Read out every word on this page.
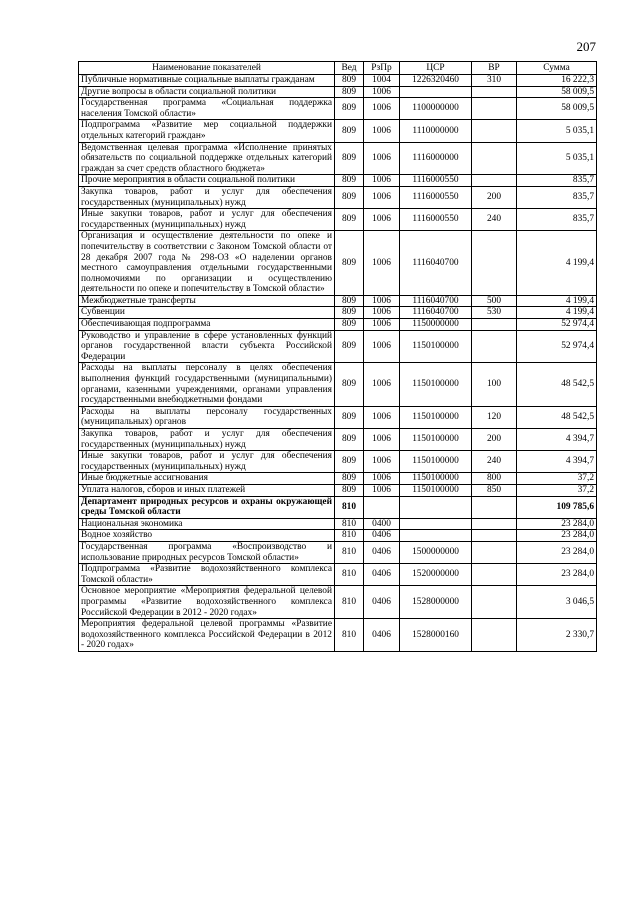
207
Наименование показателей	Вед	РзПр	ЦСР	ВР	Сумма
Публичные нормативные социальные выплаты гражданам	809	1004	1226320460	310	16 222,3
Другие вопросы в области социальной политики	809	1006			58 009,5
Государственная программа «Социальная поддержка населения Томской области»	809	1006	1100000000		58 009,5
Подпрограмма «Развитие мер социальной поддержки отдельных категорий граждан»	809	1006	1110000000		5 035,1
Ведомственная целевая программа «Исполнение принятых обязательств по социальной поддержке отдельных категорий граждан за счет средств областного бюджета»	809	1006	1116000000		5 035,1
Прочие мероприятия в области социальной политики	809	1006	1116000550		835,7
Закупка товаров, работ и услуг для обеспечения государственных (муниципальных) нужд	809	1006	1116000550	200	835,7
Иные закупки товаров, работ и услуг для обеспечения государственных (муниципальных) нужд	809	1006	1116000550	240	835,7
Организация и осуществление деятельности по опеке и попечительству в соответствии с Законом Томской области от 28 декабря 2007 года № 298-ОЗ «О наделении органов местного самоуправления отдельными государственными полномочиями по организации и осуществлению деятельности по опеке и попечительству в Томской области»	809	1006	1116040700		4 199,4
Межбюджетные трансферты	809	1006	1116040700	500	4 199,4
Субвенции	809	1006	1116040700	530	4 199,4
Обеспечивающая подпрограмма	809	1006	1150000000		52 974,4
Руководство и управление в сфере установленных функций органов государственной власти субъекта Российской Федерации	809	1006	1150100000		52 974,4
Расходы на выплаты персоналу в целях обеспечения выполнения функций государственными (муниципальными) органами, казенными учреждениями, органами управления государственными внебюджетными фондами	809	1006	1150100000	100	48 542,5
Расходы на выплаты персоналу государственных (муниципальных) органов	809	1006	1150100000	120	48 542,5
Закупка товаров, работ и услуг для обеспечения государственных (муниципальных) нужд	809	1006	1150100000	200	4 394,7
Иные закупки товаров, работ и услуг для обеспечения государственных (муниципальных) нужд	809	1006	1150100000	240	4 394,7
Иные бюджетные ассигнования	809	1006	1150100000	800	37,2
Уплата налогов, сборов и иных платежей	809	1006	1150100000	850	37,2
Департамент природных ресурсов и охраны окружающей среды Томской области	810				109 785,6
Национальная экономика	810	0400			23 284,0
Водное хозяйство	810	0406			23 284,0
Государственная программа «Воспроизводство и использование природных ресурсов Томской области»	810	0406	1500000000		23 284,0
Подпрограмма «Развитие водохозяйственного комплекса Томской области»	810	0406	1520000000		23 284,0
Основное мероприятие «Мероприятия федеральной целевой программы «Развитие водохозяйственного комплекса Российской Федерации в 2012 - 2020 годах»	810	0406	1528000000		3 046,5
Мероприятия федеральной целевой программы «Развитие водохозяйственного комплекса Российской Федерации в 2012 - 2020 годах»	810	0406	1528000160		2 330,7
